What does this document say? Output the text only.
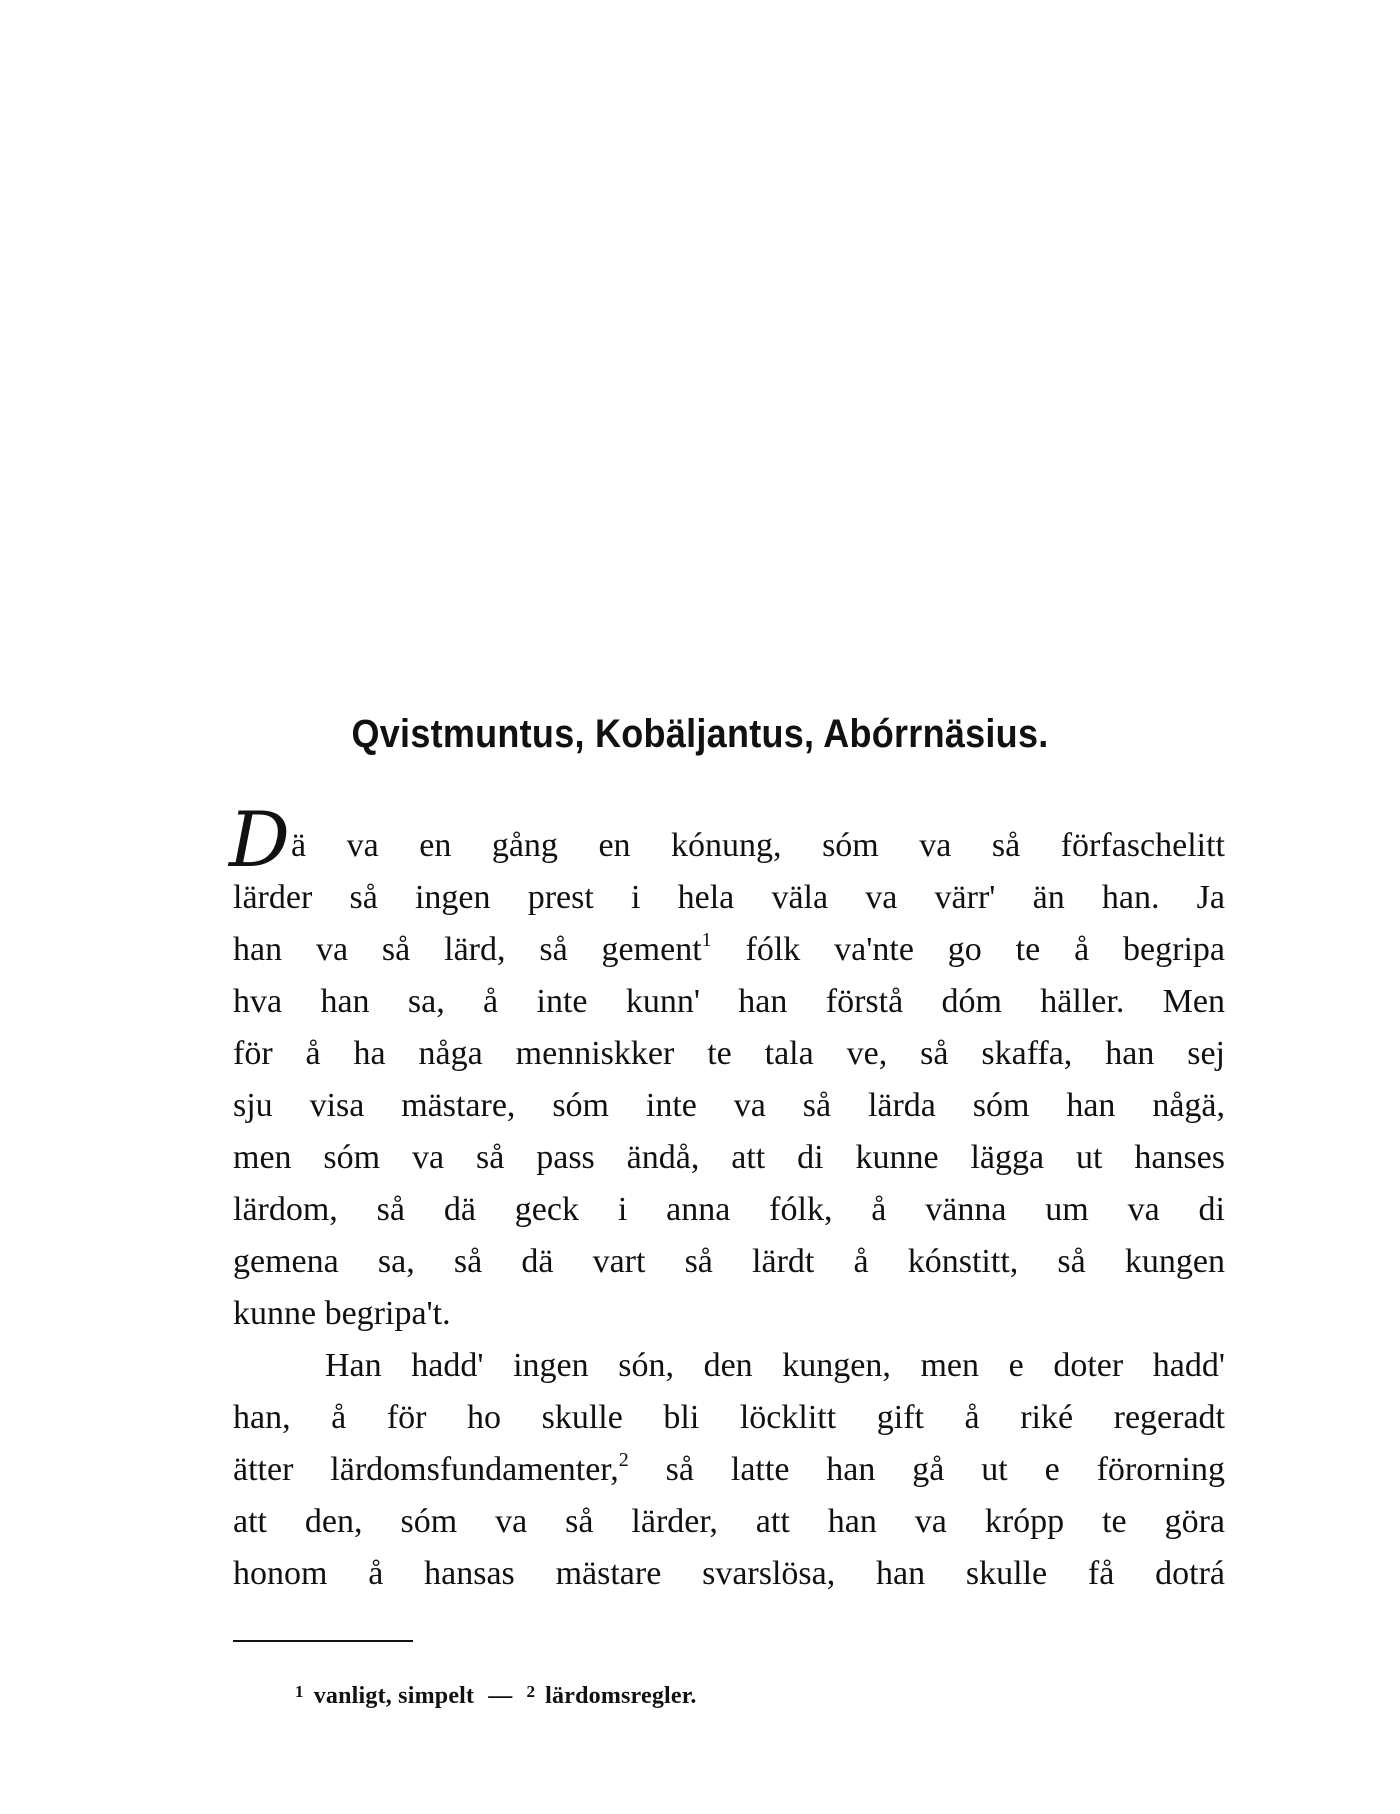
Qvistmuntus, Kobäljantus, Abórrnäsius.
D ä va en gång en kónung, sóm va så förfaschelitt
lärder så ingen prest i hela väla va värr' än han. Ja
han va så lärd, så gement$^1$ fólk va'nte go te å begripa
hva han sa, å inte kunn' han förstå dóm häller. Men
för å ha någa menniskker te tala ve, så skaffa, han sej
sju visa mästare, sóm inte va så lärda sóm han någä,
men sóm va så pass ändå, att di kunne lägga ut hanses
lärdom, så dä geck i anna fólk, å vänna um va di
gemena sa, så dä vart så lärdt å kónstitt, så kungen
kunne begripa't.
Han hadd' ingen són, den kungen, men e doter hadd'
han, å för ho skulle bli löcklitt gift å riké regeradt
ätter lärdomsfundamenter,$^2$ så latte han gå ut e förorning
att den, sóm va så lärder, att han va krópp te göra
honom å hansas mästare svarslösa, han skulle få dotrá
$^1$ vanligt, simpelt — $^2$ lärdomsregler.
